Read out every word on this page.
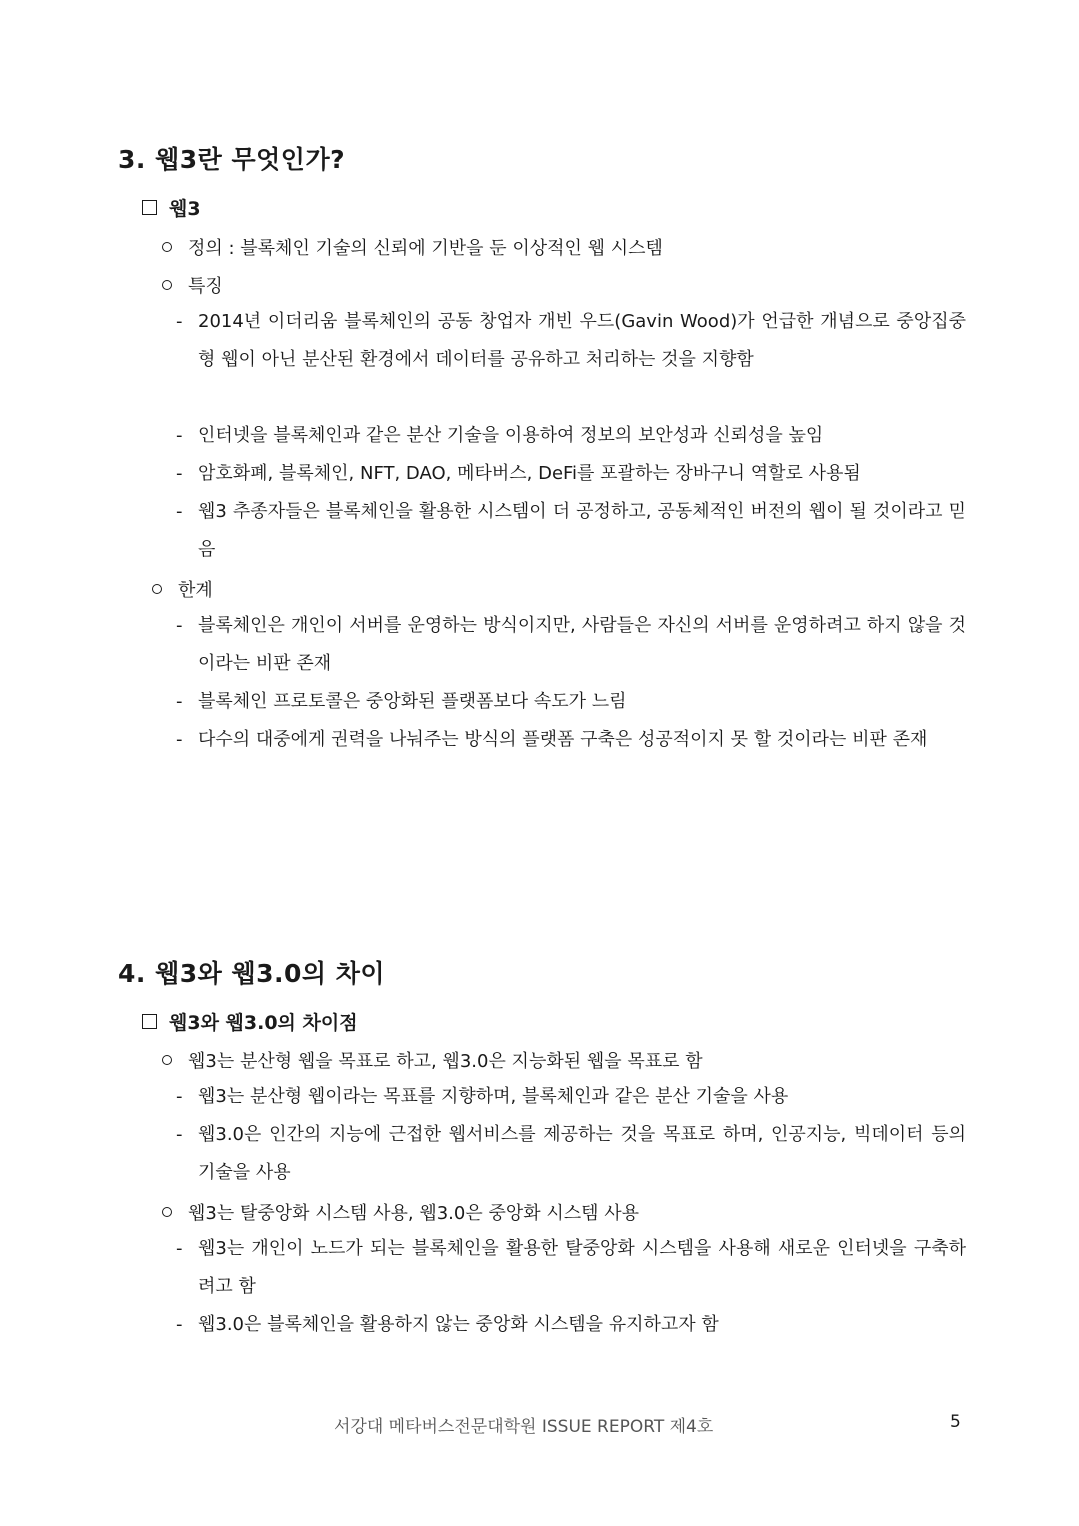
3. 웹3란 무엇인가?
웹3
정의 : 블록체인 기술의 신뢰에 기반을 둔 이상적인 웹 시스템
특징
- 2014년 이더리움 블록체인의 공동 창업자 개빈 우드(Gavin Wood)가 언급한 개념으로 중앙집중형 웹이 아닌 분산된 환경에서 데이터를 공유하고 처리하는 것을 지향함
- 인터넷을 블록체인과 같은 분산 기술을 이용하여 정보의 보안성과 신뢰성을 높임
- 암호화폐, 블록체인, NFT, DAO, 메타버스, DeFi를 포괄하는 장바구니 역할로 사용됨
- 웹3 추종자들은 블록체인을 활용한 시스템이 더 공정하고, 공동체적인 버전의 웹이 될 것이라고 믿음
한계
- 블록체인은 개인이 서버를 운영하는 방식이지만, 사람들은 자신의 서버를 운영하려고 하지 않을 것이라는 비판 존재
- 블록체인 프로토콜은 중앙화된 플랫폼보다 속도가 느림
- 다수의 대중에게 권력을 나눠주는 방식의 플랫폼 구축은 성공적이지 못 할 것이라는 비판 존재
4. 웹3와 웹3.0의 차이
웹3와 웹3.0의 차이점
웹3는 분산형 웹을 목표로 하고, 웹3.0은 지능화된 웹을 목표로 함
- 웹3는 분산형 웹이라는 목표를 지향하며, 블록체인과 같은 분산 기술을 사용
- 웹3.0은 인간의 지능에 근접한 웹서비스를 제공하는 것을 목표로 하며, 인공지능, 빅데이터 등의 기술을 사용
웹3는 탈중앙화 시스템 사용, 웹3.0은 중앙화 시스템 사용
- 웹3는 개인이 노드가 되는 블록체인을 활용한 탈중앙화 시스템을 사용해 새로운 인터넷을 구축하려고 함
- 웹3.0은 블록체인을 활용하지 않는 중앙화 시스템을 유지하고자 함
서강대 메타버스전문대학원 ISSUE REPORT 제4호	5
